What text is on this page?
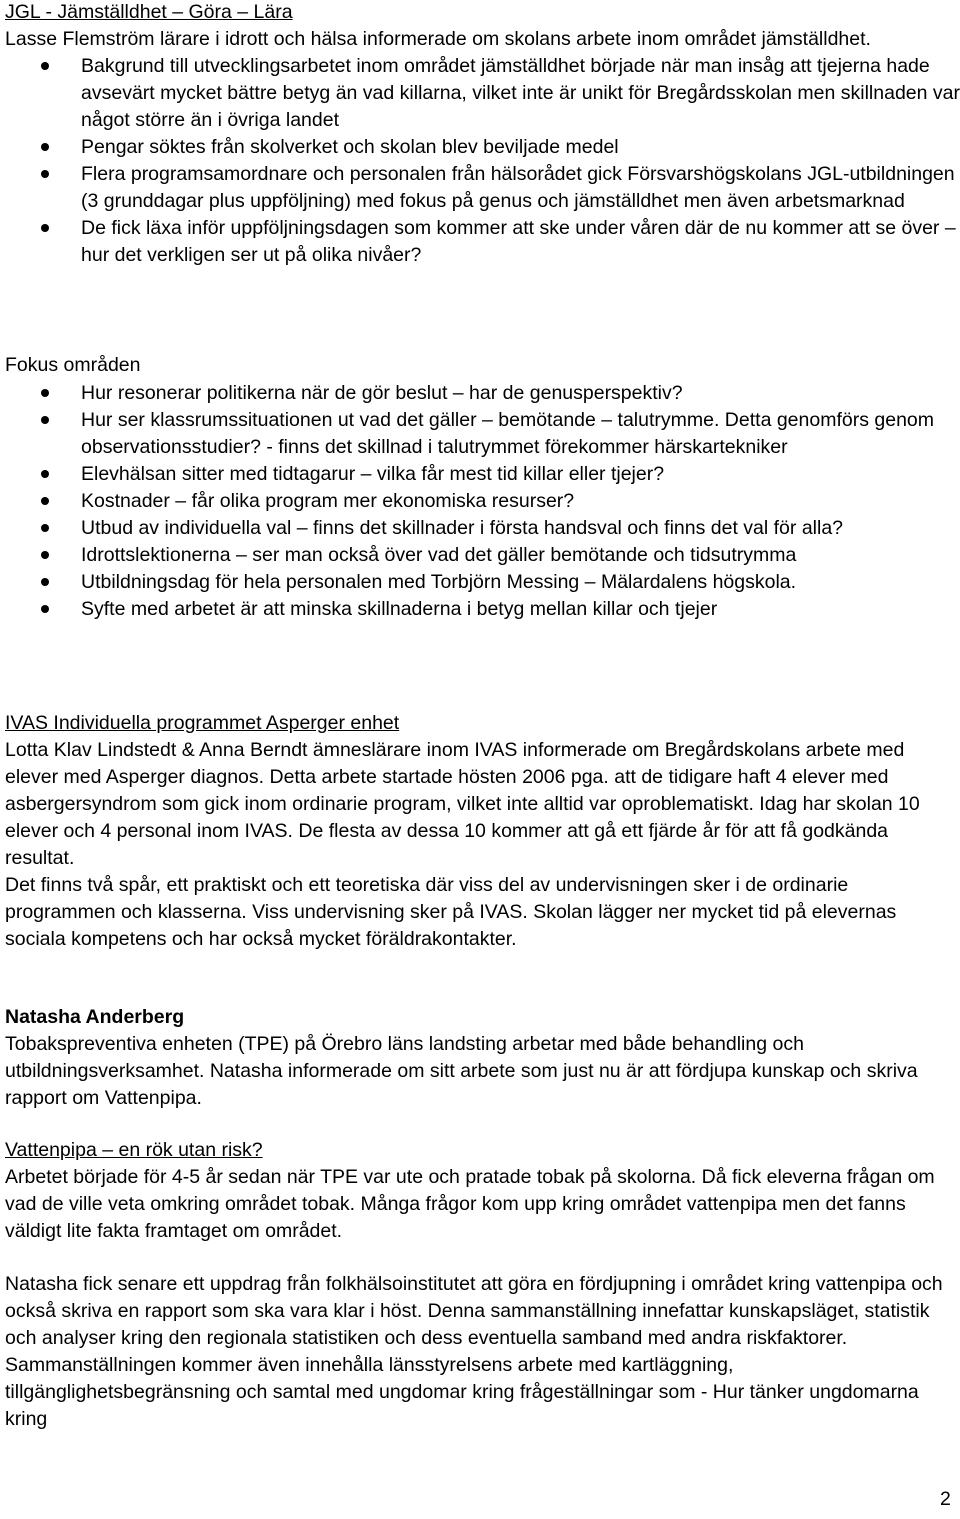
JGL - Jämställdhet – Göra – Lära

Lasse Flemström lärare i idrott och hälsa informerade om skolans arbete inom området jämställdhet.

Bakgrund till utvecklingsarbetet inom området jämställdhet började när man insåg att tjejerna hade avsevärt mycket bättre betyg än vad killarna, vilket inte är unikt för Bregårdsskolan men skillnaden var något större än i övriga landet
Pengar söktes från skolverket och skolan blev beviljade medel
Flera programsamordnare och personalen från hälsorådet gick Försvarshögskolans JGL-utbildningen (3 grunddagar plus uppföljning) med fokus på genus och jämställdhet men även arbetsmarknad
De fick läxa inför uppföljningsdagen som kommer att ske under våren där de nu kommer att se över – hur det verkligen ser ut på olika nivåer?

Fokus områden

Hur resonerar politikerna när de gör beslut – har de genusperspektiv?
Hur ser klassrumssituationen ut vad det gäller – bemötande – talutrymme. Detta genomförs genom observationsstudier? - finns det skillnad i talutrymmet förekommer härskartekniker
Elevhälsan sitter med tidtagarur – vilka får mest tid killar eller tjejer?
Kostnader – får olika program mer ekonomiska resurser?
Utbud av individuella val – finns det skillnader i första handsval och finns det val för alla?
Idrottslektionerna – ser man också över vad det gäller bemötande och tidsutrymma
Utbildningsdag för hela personalen med Torbjörn Messing – Mälardalens högskola.
Syfte med arbetet är att minska skillnaderna i betyg mellan killar och tjejer

IVAS Individuella programmet Asperger enhet

Lotta Klav Lindstedt & Anna Berndt ämneslärare inom IVAS informerade om Bregårdskolans arbete med elever med Asperger diagnos. Detta arbete startade hösten 2006 pga. att de tidigare haft 4 elever med asbergersyndrom som gick inom ordinarie program, vilket inte alltid var oproblematiskt. Idag har skolan 10 elever och 4 personal inom IVAS. De flesta av dessa 10 kommer att gå ett fjärde år för att få godkända resultat.

Det finns två spår, ett praktiskt och ett teoretiska där viss del av undervisningen sker i de ordinarie programmen och klasserna. Viss undervisning sker på IVAS. Skolan lägger ner mycket tid på elevernas sociala kompetens och har också mycket föräldrakontakter.

Natasha Anderberg

Tobakspreventiva enheten (TPE) på Örebro läns landsting arbetar med både behandling och utbildningsverksamhet. Natasha informerade om sitt arbete som just nu är att fördjupa kunskap och skriva rapport om Vattenpipa.

Vattenpipa – en rök utan risk?

Arbetet började för 4-5 år sedan när TPE var ute och pratade tobak på skolorna. Då fick eleverna frågan om vad de ville veta omkring området tobak. Många frågor kom upp kring området vattenpipa men det fanns väldigt lite fakta framtaget om området.

Natasha fick senare ett uppdrag från folkhälsoinstitutet att göra en fördjupning i området kring vattenpipa och också skriva en rapport som ska vara klar i höst. Denna sammanställning innefattar kunskapsläget, statistik och analyser kring den regionala statistiken och dess eventuella samband med andra riskfaktorer. Sammanställningen kommer även innehålla länsstyrelsens arbete med kartläggning, tillgänglighetsbegränsning och samtal med ungdomar kring frågeställningar som - Hur tänker ungdomarna kring

2
